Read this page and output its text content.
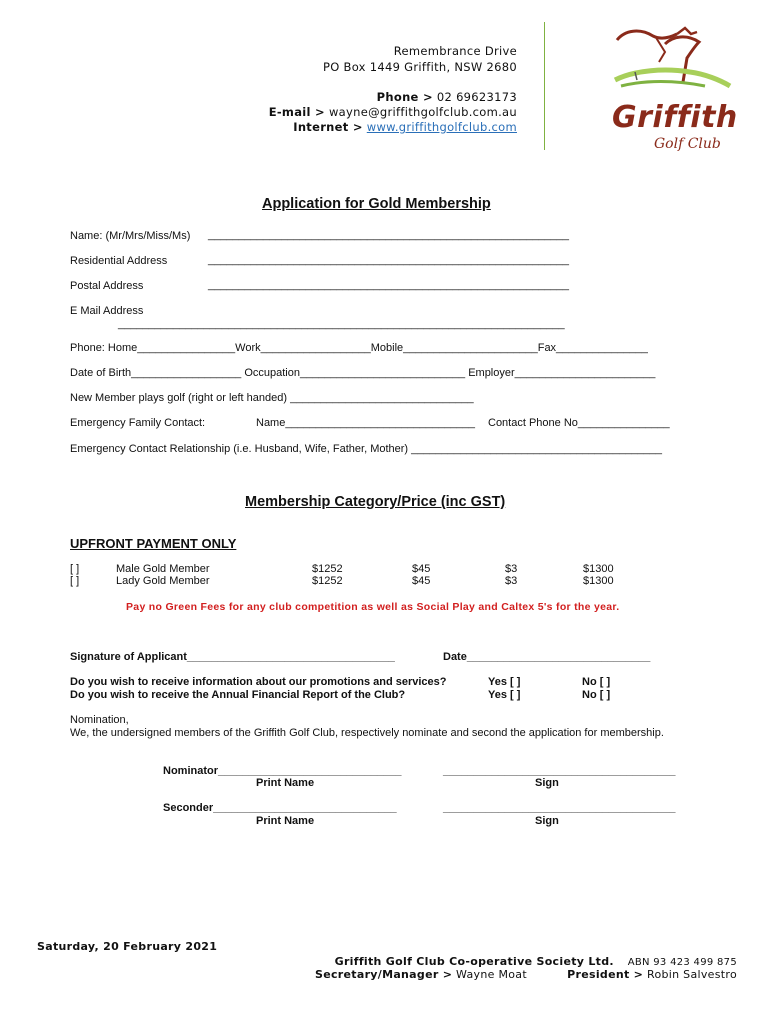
Remembrance Drive
PO Box 1449 Griffith, NSW 2680
Phone > 02 69623173
E-mail > wayne@griffithgolfclub.com.au
Internet > www.griffithgolfclub.com	Griffith
Golf Club
Application for Gold Membership
Name: (Mr/Mrs/Miss/Ms) ___________________________________________________________
Residential Address	___________________________________________________________
Postal Address	___________________________________________________________
E Mail Address
_________________________________________________________________________
Phone: Home________________Work__________________Mobile______________________Fax_______________
Date of Birth__________________ Occupation___________________________ Employer_______________________
New Member plays golf (right or left handed) ______________________________
Emergency Family Contact:	Name_______________________________ Contact Phone No_______________
Emergency Contact Relationship (i.e. Husband, Wife, Father, Mother) _________________________________________
Membership Category/Price (inc GST)
UPFRONT PAYMENT ONLY
[ ]	Male Gold Member	$1252	$45	$3	$1300
[ ]	Lady Gold Member	$1252	$45	$3	$1300
Pay no Green Fees for any club competition as well as Social Play and Caltex 5's for the year.
Signature of Applicant__________________________________	Date______________________________
Do you wish to receive information about our promotions and services?	Yes [ ]	No [ ]
Do you wish to receive the Annual Financial Report of the Club?	Yes [ ]	No [ ]
Nomination,
We, the undersigned members of the Griffith Golf Club, respectively nominate and second the application for membership.
Nominator______________________________	______________________________________
Print Name	Sign
Seconder______________________________	______________________________________
Print Name	Sign
Saturday, 20 February 2021
Griffith Golf Club Co-operative Society Ltd. ABN 93 423 499 875
Secretary/Manager > Wayne Moat	President > Robin Salvestro
